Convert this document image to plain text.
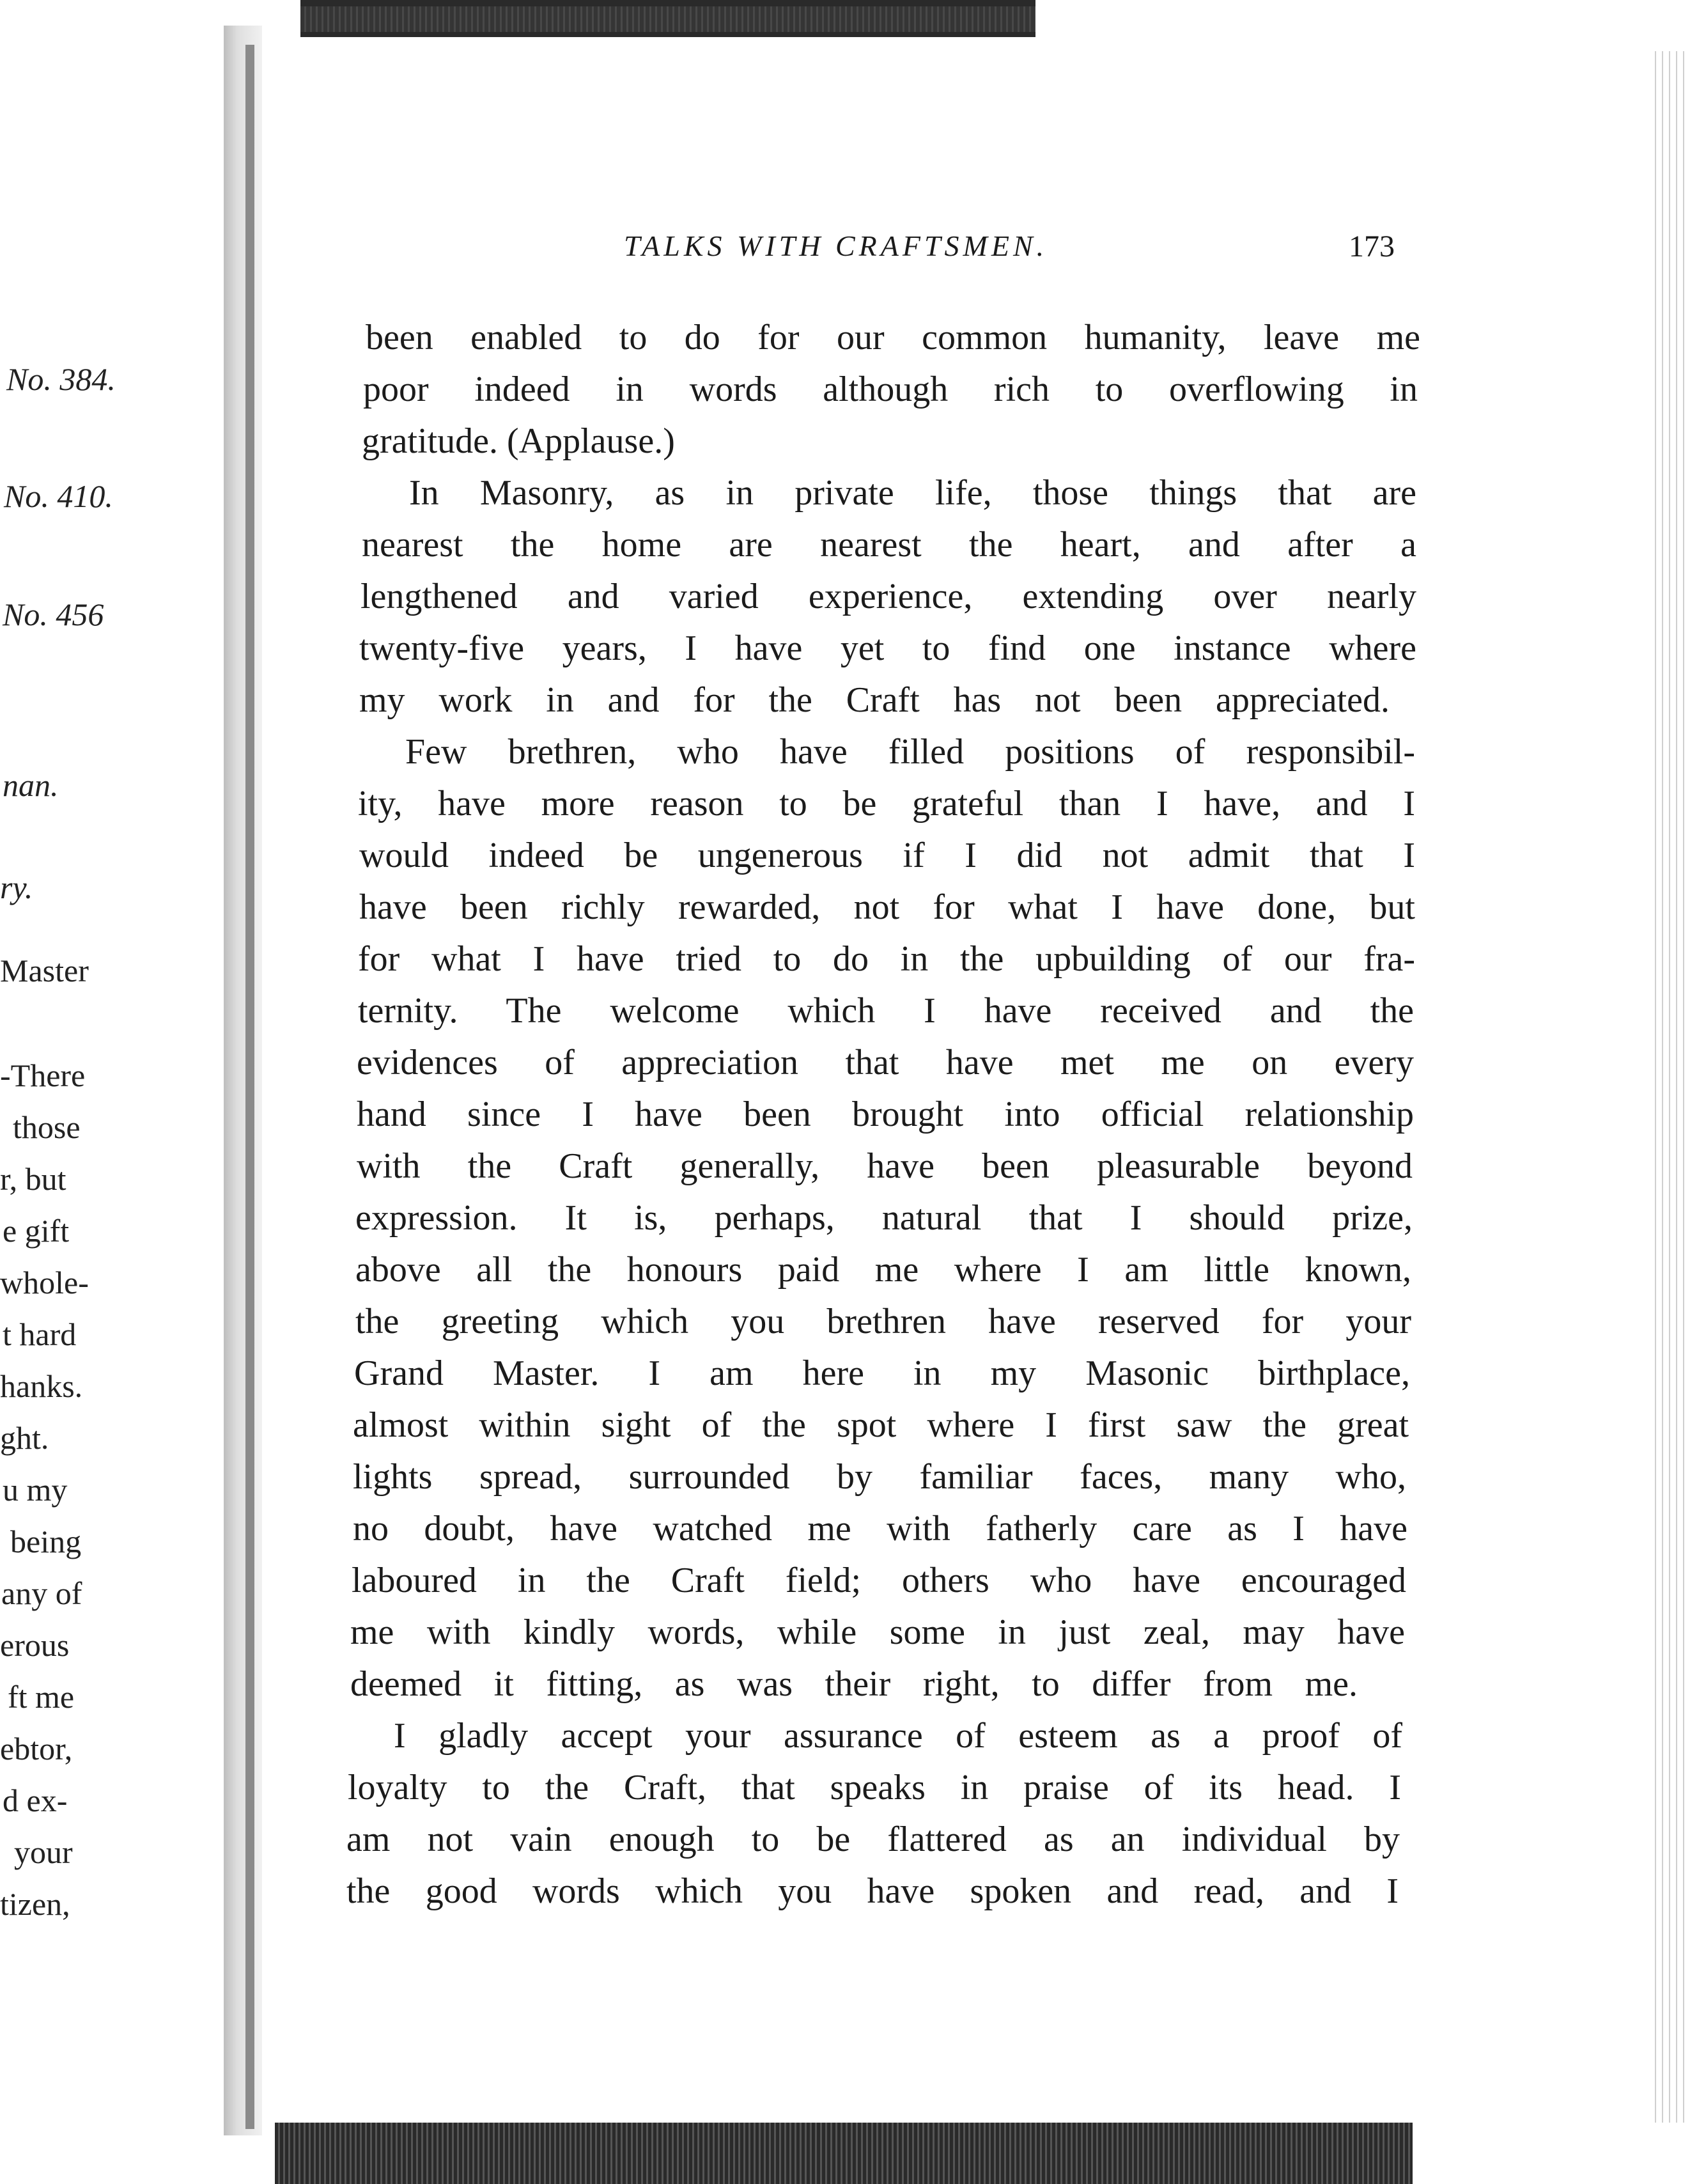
No. 384.
No. 410.
No. 456
nan.
ry.
Master
-There
those
r, but
e gift
whole-
t hard
hanks.
ght.
u my
being
any of
erous
ft me
ebtor,
d ex-
your
tizen,
TALKS WITH CRAFTSMEN.	173
been enabled to do for our common humanity, leave me
poor indeed in words although rich to overflowing in
gratitude. (Applause.)
In Masonry, as in private life, those things that are
nearest the home are nearest the heart, and after a
lengthened and varied experience, extending over nearly
twenty-five years, I have yet to find one instance where
my work in and for the Craft has not been appreciated.
Few brethren, who have filled positions of responsibil-
ity, have more reason to be grateful than I have, and I
would indeed be ungenerous if I did not admit that I
have been richly rewarded, not for what I have done, but
for what I have tried to do in the upbuilding of our fra-
ternity. The welcome which I have received and the
evidences of appreciation that have met me on every
hand since I have been brought into official relationship
with the Craft generally, have been pleasurable beyond
expression. It is, perhaps, natural that I should prize,
above all the honours paid me where I am little known,
the greeting which you brethren have reserved for your
Grand Master. I am here in my Masonic birthplace,
almost within sight of the spot where I first saw the great
lights spread, surrounded by familiar faces, many who,
no doubt, have watched me with fatherly care as I have
laboured in the Craft field; others who have encouraged
me with kindly words, while some in just zeal, may have
deemed it fitting, as was their right, to differ from me.
I gladly accept your assurance of esteem as a proof of
loyalty to the Craft, that speaks in praise of its head. I
am not vain enough to be flattered as an individual by
the good words which you have spoken and read, and I
